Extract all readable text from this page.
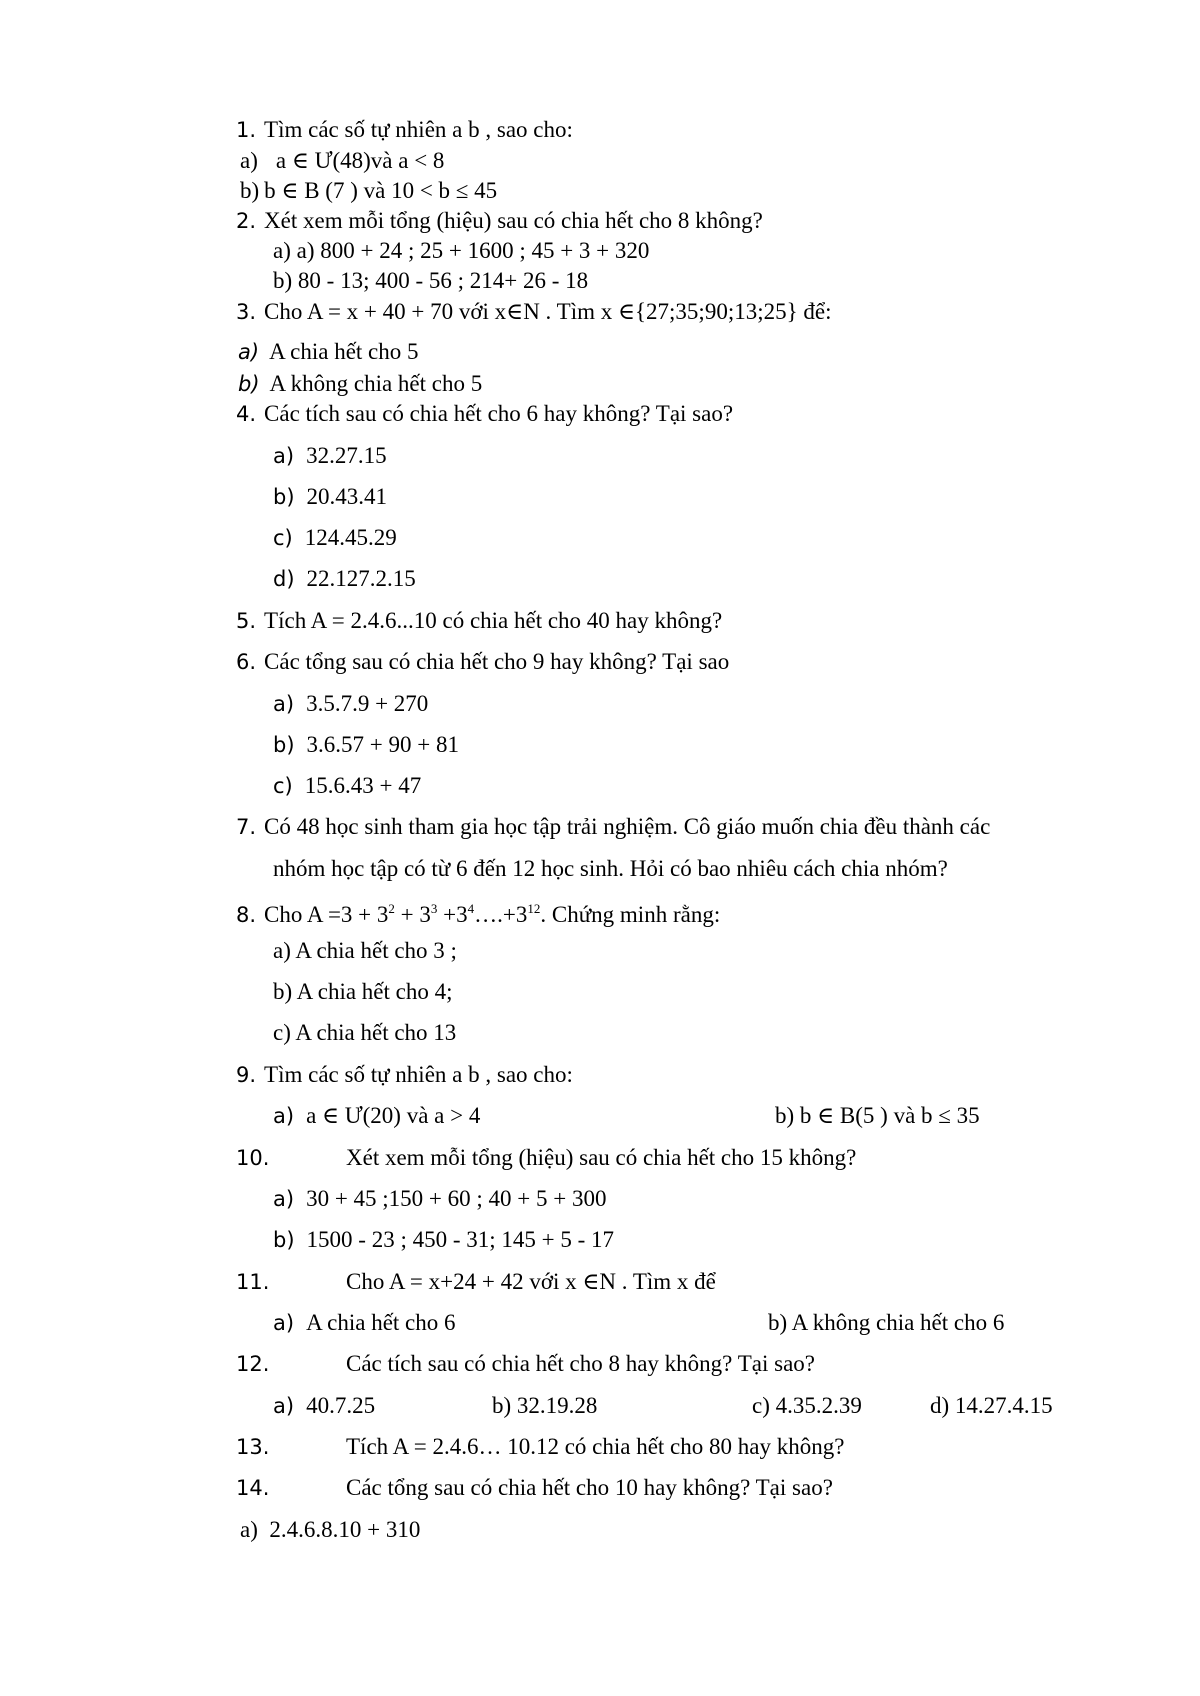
1. Tìm các số tự nhiên a b , sao cho:
a) a ∈ Ư(48)và a < 8
b) b ∈ B (7 ) và 10 < b ≤ 45
2. Xét xem mỗi tổng (hiệu) sau có chia hết cho 8 không?
a) a) 800 + 24 ; 25 + 1600 ; 45 + 3 + 320
b) 80 - 13; 400 - 56 ; 214+ 26 - 18
3. Cho A = x + 40 + 70 với x∈N . Tìm x ∈{27;35;90;13;25} để:
a) A chia hết cho 5
b) A không chia hết cho 5
4. Các tích sau có chia hết cho 6 hay không? Tại sao?
a) 32.27.15
b) 20.43.41
c) 124.45.29
d) 22.127.2.15
5. Tích A = 2.4.6...10 có chia hết cho 40 hay không?
6. Các tổng sau có chia hết cho 9 hay không? Tại sao
a) 3.5.7.9 + 270
b) 3.6.57 + 90 + 81
c) 15.6.43 + 47
7. Có 48 học sinh tham gia học tập trải nghiệm. Cô giáo muốn chia đều thành các
nhóm học tập có từ 6 đến 12 học sinh. Hỏi có bao nhiêu cách chia nhóm?
8. Cho $A =3 + 3^2 + 3^3$ $+3^4\dots.+3^{12}$. Chứng minh rằng:
a) A chia hết cho 3 ;
b) A chia hết cho 4;
c) A chia hết cho 13
9. Tìm các số tự nhiên a b , sao cho:
a) a ∈ Ư(20) và a > 4	b) b ∈ B(5 ) và b ≤ 35
10.	Xét xem mỗi tổng (hiệu) sau có chia hết cho 15 không?
a) 30 + 45 ;150 + 60 ; 40 + 5 + 300
b) 1500 - 23 ; 450 - 31; 145 + 5 - 17
11.	Cho A = x+24 + 42 với x ∈N . Tìm x để
a) A chia hết cho 6	b) A không chia hết cho 6
12.	Các tích sau có chia hết cho 8 hay không? Tại sao?
a) 40.7.25	b) 32.19.28	c) 4.35.2.39	d) 14.27.4.15
13.	Tích A = 2.4.6… 10.12 có chia hết cho 80 hay không?
14.	Các tổng sau có chia hết cho 10 hay không? Tại sao?
a)  2.4.6.8.10 + 310
